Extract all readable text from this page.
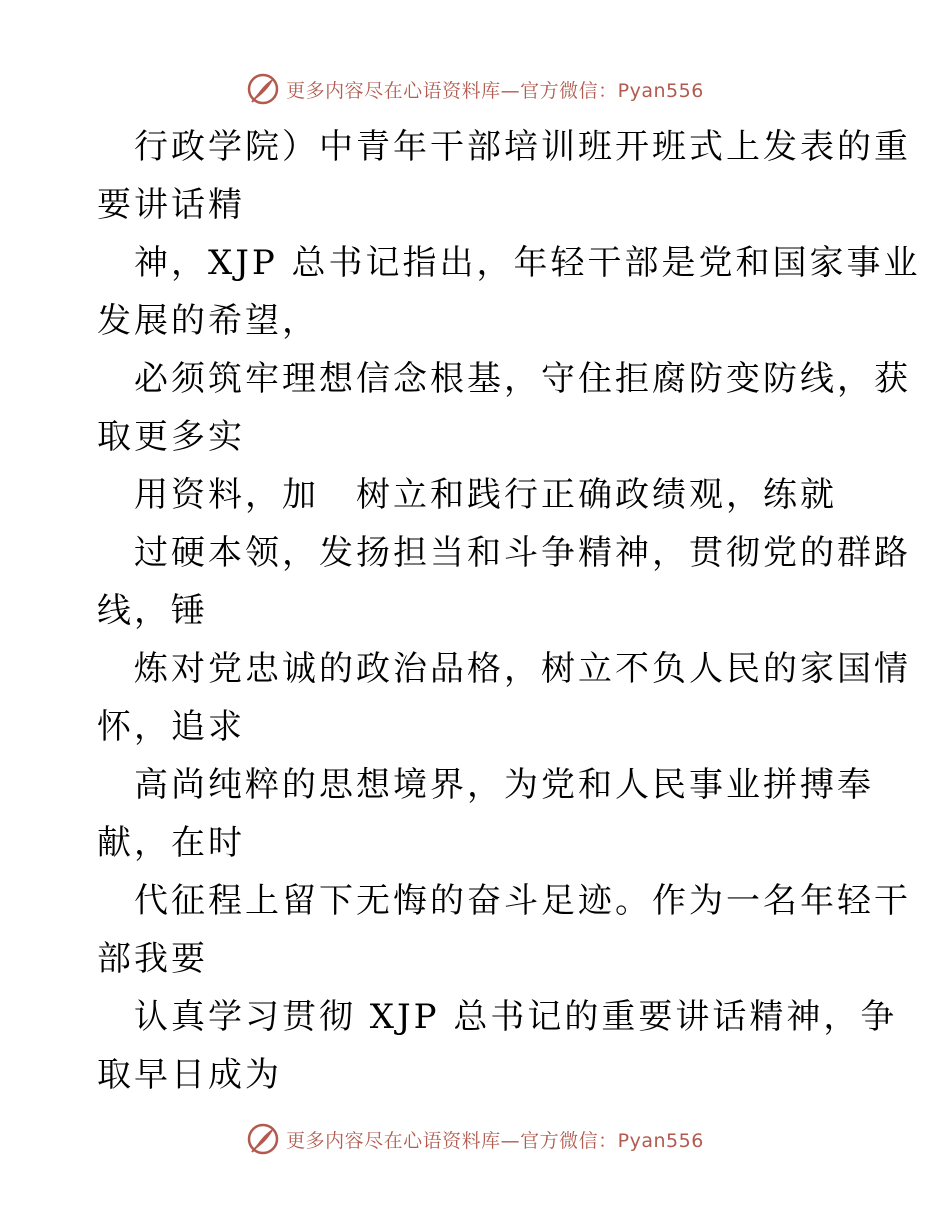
更多内容尽在心语资料库—官方微信：Pyan556
行政学院）中青年干部培训班开班式上发表的重
要讲话精
神，XJP 总书记指出，年轻干部是党和国家事业
发展的希望，
必须筑牢理想信念根基，守住拒腐防变防线，获
取更多实
用资料，加　树立和践行正确政绩观，练就
过硬本领，发扬担当和斗争精神，贯彻党的群路
线，锤
炼对党忠诚的政治品格，树立不负人民的家国情
怀，追求
高尚纯粹的思想境界，为党和人民事业拼搏奉
献，在时
代征程上留下无悔的奋斗足迹。作为一名年轻干
部我要
认真学习贯彻 XJP 总书记的重要讲话精神，争
取早日成为
更多内容尽在心语资料库—官方微信：Pyan556
